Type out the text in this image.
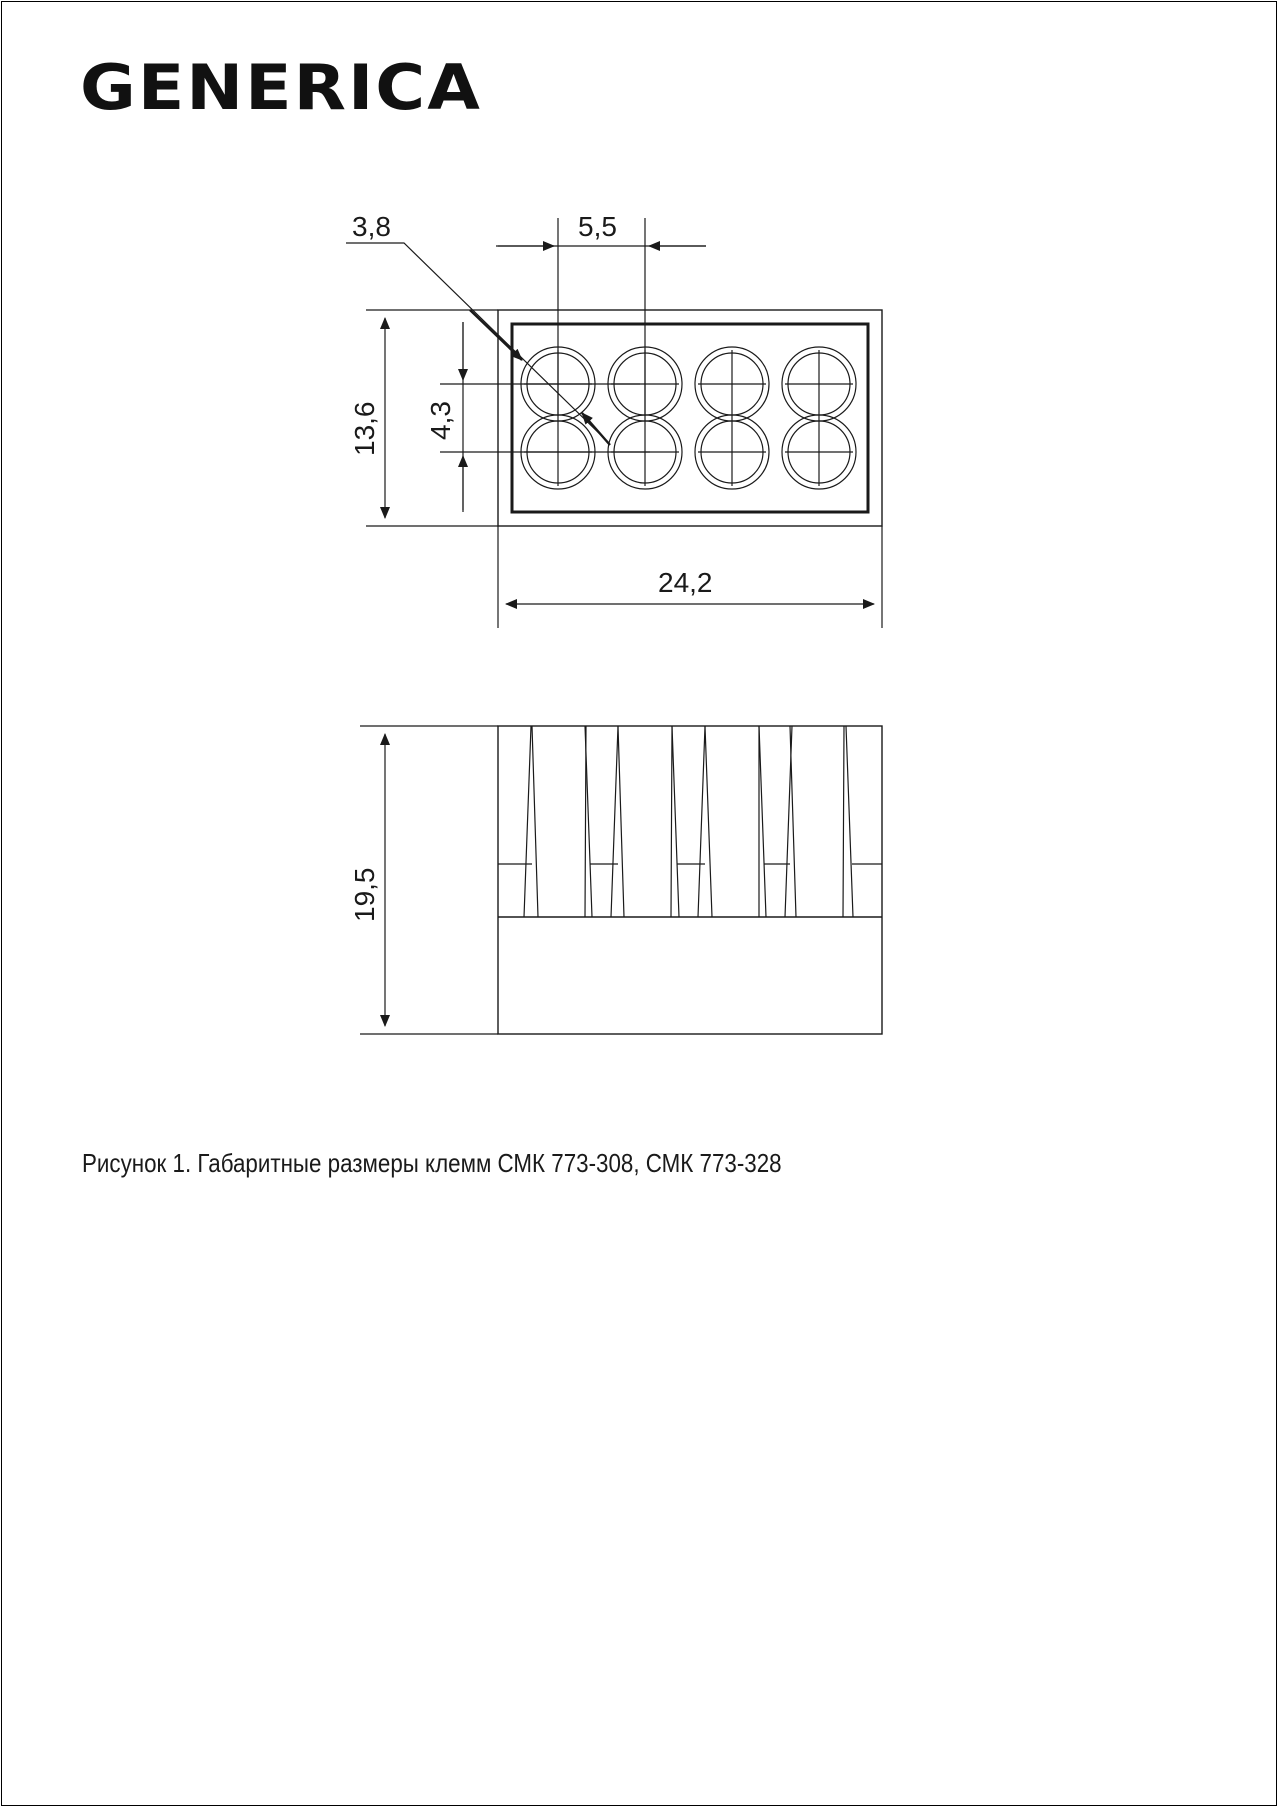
GENERICA
3,8	5,5
13,6 4,3
24,2
19,5
Рисунок 1. Габаритные размеры клемм СМК 773-308, СМК 773-328
